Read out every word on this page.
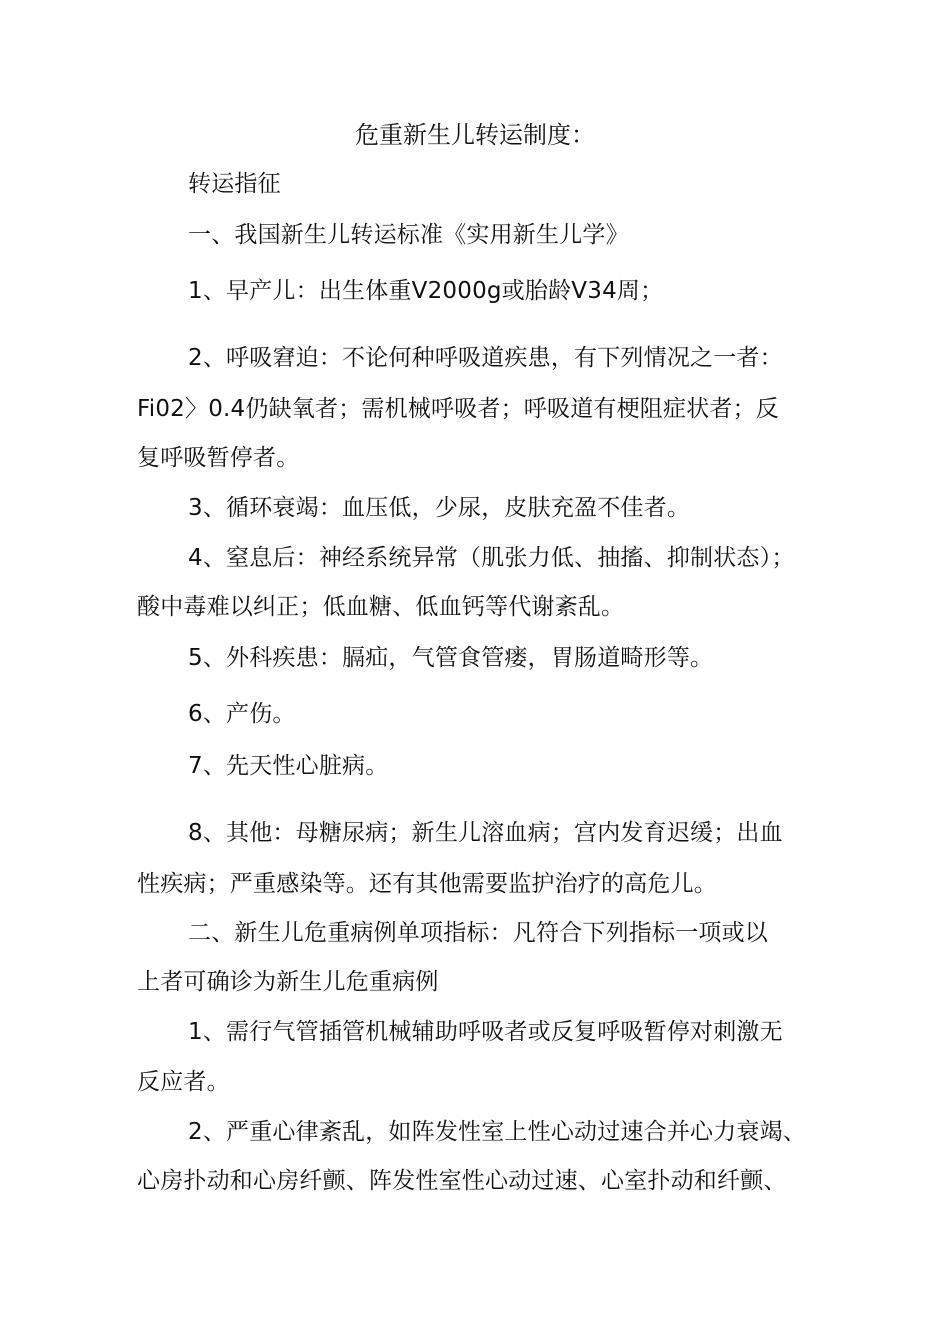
危重新生儿转运制度：
转运指征
一、我国新生儿转运标准《实用新生儿学》
1、早产儿：出生体重V2000g或胎龄V34周；
2、呼吸窘迫：不论何种呼吸道疾患，有下列情况之一者：
Fi02〉0.4仍缺氧者；需机械呼吸者；呼吸道有梗阻症状者；反
复呼吸暂停者。
3、循环衰竭：血压低，少尿，皮肤充盈不佳者。
4、窒息后：神经系统异常（肌张力低、抽搐、抑制状态）；
酸中毒难以纠正；低血糖、低血钙等代谢紊乱。
5、外科疾患：膈疝，气管食管瘘，胃肠道畸形等。
6、产伤。
7、先天性心脏病。
8、其他：母糖尿病；新生儿溶血病；宫内发育迟缓；出血
性疾病；严重感染等。还有其他需要监护治疗的高危儿。
二、新生儿危重病例单项指标：凡符合下列指标一项或以
上者可确诊为新生儿危重病例
1、需行气管插管机械辅助呼吸者或反复呼吸暂停对刺激无
反应者。
2、严重心律紊乱，如阵发性室上性心动过速合并心力衰竭、
心房扑动和心房纤颤、阵发性室性心动过速、心室扑动和纤颤、
